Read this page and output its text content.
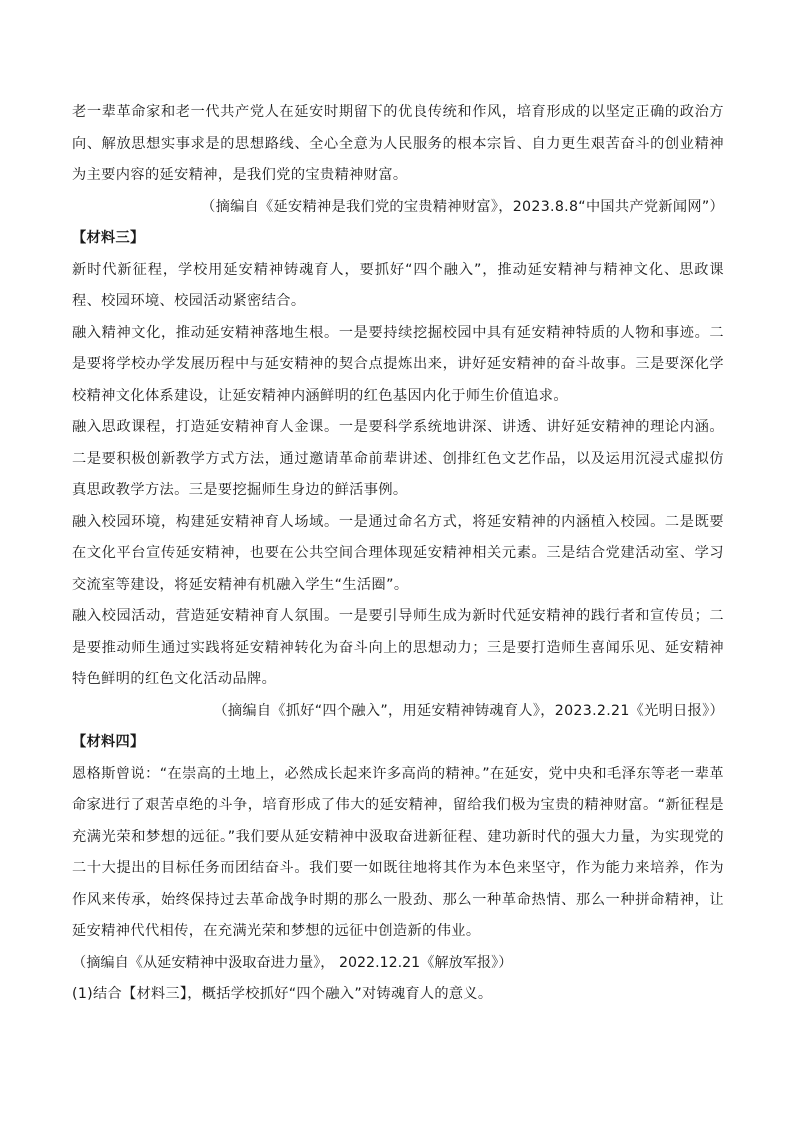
老一辈革命家和老一代共产党人在延安时期留下的优良传统和作风，培育形成的以坚定正确的政治方向、解放思想实事求是的思想路线、全心全意为人民服务的根本宗旨、自力更生艰苦奋斗的创业精神为主要内容的延安精神，是我们党的宝贵精神财富。

（摘编自《延安精神是我们党的宝贵精神财富》，2023.8.8“中国共产党新闻网”）

【材料三】

新时代新征程，学校用延安精神铸魂育人，要抓好“四个融入”，推动延安精神与精神文化、思政课程、校园环境、校园活动紧密结合。

融入精神文化，推动延安精神落地生根。一是要持续挖掘校园中具有延安精神特质的人物和事迹。二是要将学校办学发展历程中与延安精神的契合点提炼出来，讲好延安精神的奋斗故事。三是要深化学校精神文化体系建设，让延安精神内涵鲜明的红色基因内化于师生价值追求。

融入思政课程，打造延安精神育人金课。一是要科学系统地讲深、讲透、讲好延安精神的理论内涵。二是要积极创新教学方式方法，通过邀请革命前辈讲述、创排红色文艺作品，以及运用沉浸式虚拟仿真思政教学方法。三是要挖掘师生身边的鲜活事例。

融入校园环境，构建延安精神育人场域。一是通过命名方式，将延安精神的内涵植入校园。二是既要在文化平台宣传延安精神，也要在公共空间合理体现延安精神相关元素。三是结合党建活动室、学习交流室等建设，将延安精神有机融入学生“生活圈”。

融入校园活动，营造延安精神育人氛围。一是要引导师生成为新时代延安精神的践行者和宣传员；二是要推动师生通过实践将延安精神转化为奋斗向上的思想动力；三是要打造师生喜闻乐见、延安精神特色鲜明的红色文化活动品牌。

（摘编自《抓好“四个融入”，用延安精神铸魂育人》，2023.2.21《光明日报》）

【材料四】

恩格斯曾说：“在崇高的土地上，必然成长起来许多高尚的精神。”在延安，党中央和毛泽东等老一辈革命家进行了艰苦卓绝的斗争，培育形成了伟大的延安精神，留给我们极为宝贵的精神财富。“新征程是充满光荣和梦想的远征。”我们要从延安精神中汲取奋进新征程、建功新时代的强大力量，为实现党的二十大提出的目标任务而团结奋斗。我们要一如既往地将其作为本色来坚守，作为能力来培养，作为作风来传承，始终保持过去革命战争时期的那么一股劲、那么一种革命热情、那么一种拼命精神，让延安精神代代相传，在充满光荣和梦想的远征中创造新的伟业。

（摘编自《从延安精神中汲取奋进力量》， 2022.12.21《解放军报》）

(1)结合【材料三】，概括学校抓好“四个融入”对铸魂育人的意义。
